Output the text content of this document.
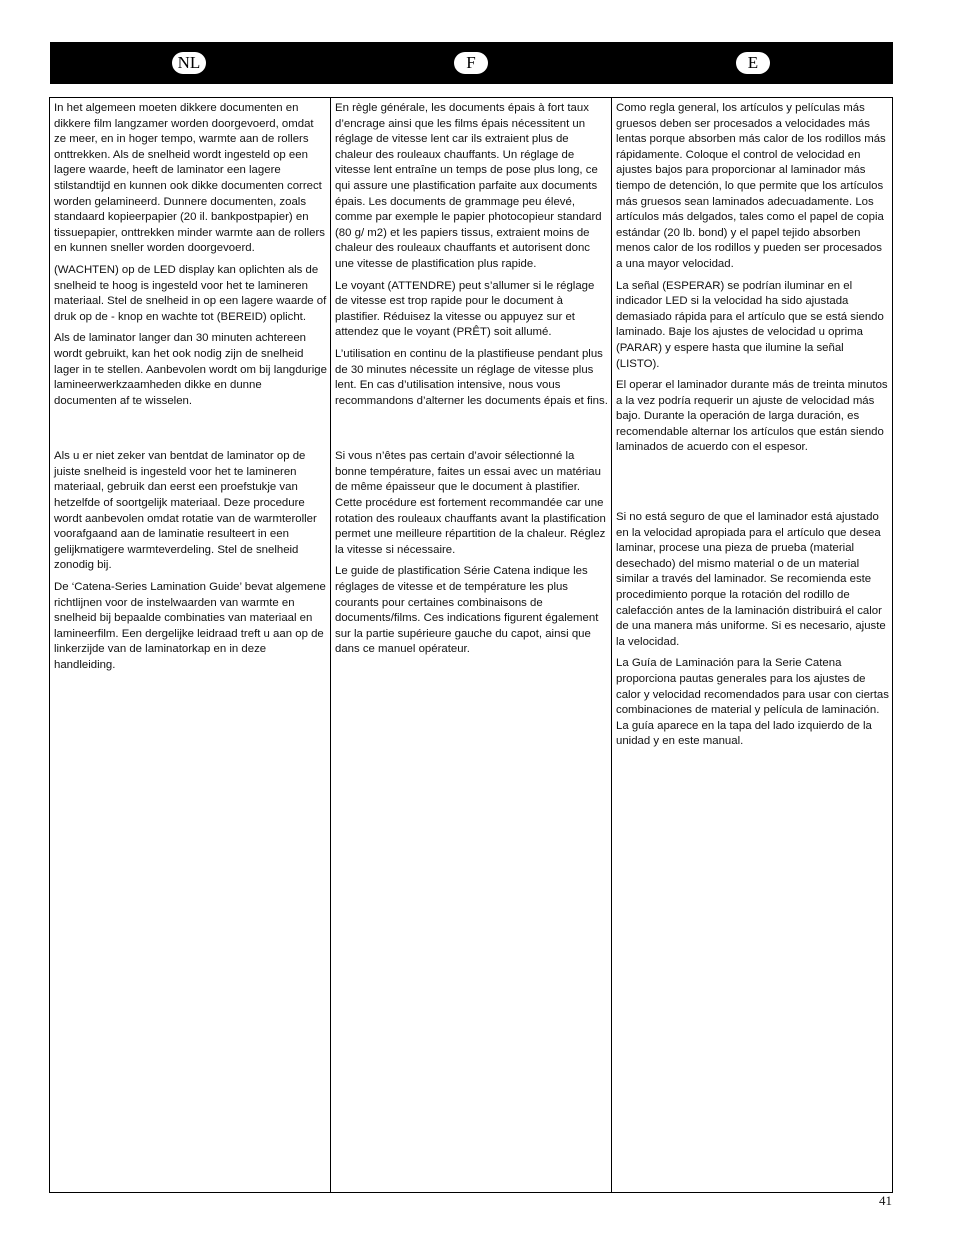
NL	F	E

In het algemeen moeten dikkere documenten en dikkere film langzamer worden doorgevoerd, omdat ze meer, en in hoger tempo, warmte aan de rollers onttrekken. Als de snelheid wordt ingesteld op een lagere waarde, heeft de laminator een lagere stilstandtijd en kunnen ook dikke documenten correct worden gelamineerd. Dunnere documenten, zoals standaard kopieerpapier (20 il. bankpostpapier) en tissuepapier, onttrekken minder warmte aan de rollers en kunnen sneller worden doorgevoerd.

(WACHTEN) op de LED display kan oplichten als de snelheid te hoog is ingesteld voor het te lamineren materiaal. Stel de snelheid in op een lagere waarde of druk op de - knop en wachte tot (BEREID) oplicht.

Als de laminator langer dan 30 minuten achtereen wordt gebruikt, kan het ook nodig zijn de snelheid lager in te stellen. Aanbevolen wordt om bij langdurige lamineerwerkzaamheden dikke en dunne documenten af te wisselen.

Als u er niet zeker van bentdat de laminator op de juiste snelheid is ingesteld voor het te lamineren materiaal, gebruik dan eerst een proefstukje van hetzelfde of soortgelijk materiaal. Deze procedure wordt aanbevolen omdat rotatie van de warmteroller voorafgaand aan de laminatie resulteert in een gelijkmatigere warmteverdeling. Stel de snelheid zonodig bij.

De ‘Catena-Series Lamination Guide’ bevat algemene richtlijnen voor de instelwaarden van warmte en snelheid bij bepaalde combinaties van materiaal en lamineerfilm. Een dergelijke leidraad treft u aan op de linkerzijde van de laminatorkap en in deze handleiding.

En règle générale, les documents épais à fort taux d’encrage ainsi que les films épais nécessitent un réglage de vitesse lent car ils extraient plus de chaleur des rouleaux chauffants. Un réglage de vitesse lent entraîne un temps de pose plus long, ce qui assure une plastification parfaite aux documents épais. Les documents de grammage peu élevé, comme par exemple le papier photocopieur standard (80 g/ m2) et les papiers tissus, extraient moins de chaleur des rouleaux chauffants et autorisent donc une vitesse de plastification plus rapide.

Le voyant (ATTENDRE) peut s’allumer si le réglage de vitesse est trop rapide pour le document à plastifier. Réduisez la vitesse ou appuyez sur et attendez que le voyant (PRÊT) soit allumé.

L’utilisation en continu de la plastifieuse pendant plus de 30 minutes nécessite un réglage de vitesse plus lent. En cas d’utilisation intensive, nous vous recommandons d’alterner les documents épais et fins.

Si vous n’êtes pas certain d’avoir sélectionné la bonne température, faites un essai avec un matériau de même épaisseur que le document à plastifier. Cette procédure est fortement recommandée car une rotation des rouleaux chauffants avant la plastification permet une meilleure répartition de la chaleur. Réglez la vitesse si nécessaire.

Le guide de plastification Série Catena indique les réglages de vitesse et de température les plus courants pour certaines combinaisons de documents/films. Ces indications figurent également sur la partie supérieure gauche du capot, ainsi que dans ce manuel opérateur.

Como regla general, los artículos y películas más gruesos deben ser procesados a velocidades más lentas porque absorben más calor de los rodillos más rápidamente. Coloque el control de velocidad en ajustes bajos para proporcionar al laminador más tiempo de detención, lo que permite que los artículos más gruesos sean laminados adecuadamente. Los artículos más delgados, tales como el papel de copia estándar (20 lb. bond) y el papel tejido absorben menos calor de los rodillos y pueden ser procesados a una mayor velocidad.

La señal (ESPERAR) se podrían iluminar en el indicador LED si la velocidad ha sido ajustada demasiado rápida para el artículo que se está siendo laminado. Baje los ajustes de velocidad u oprima (PARAR) y espere hasta que ilumine la señal (LISTO).

El operar el laminador durante más de treinta minutos a la vez podría requerir un ajuste de velocidad más bajo. Durante la operación de larga duración, es recomendable alternar los artículos que están siendo laminados de acuerdo con el espesor.

Si no está seguro de que el laminador está ajustado en la velocidad apropiada para el artículo que desea laminar, procese una pieza de prueba (material desechado) del mismo material o de un material similar a través del laminador. Se recomienda este procedimiento porque la rotación del rodillo de calefacción antes de la laminación distribuirá el calor de una manera más uniforme. Si es necesario, ajuste la velocidad.

La Guía de Laminación para la Serie Catena proporciona pautas generales para los ajustes de calor y velocidad recomendados para usar con ciertas combinaciones de material y película de laminación. La guía aparece en la tapa del lado izquierdo de la unidad y en este manual.

41
